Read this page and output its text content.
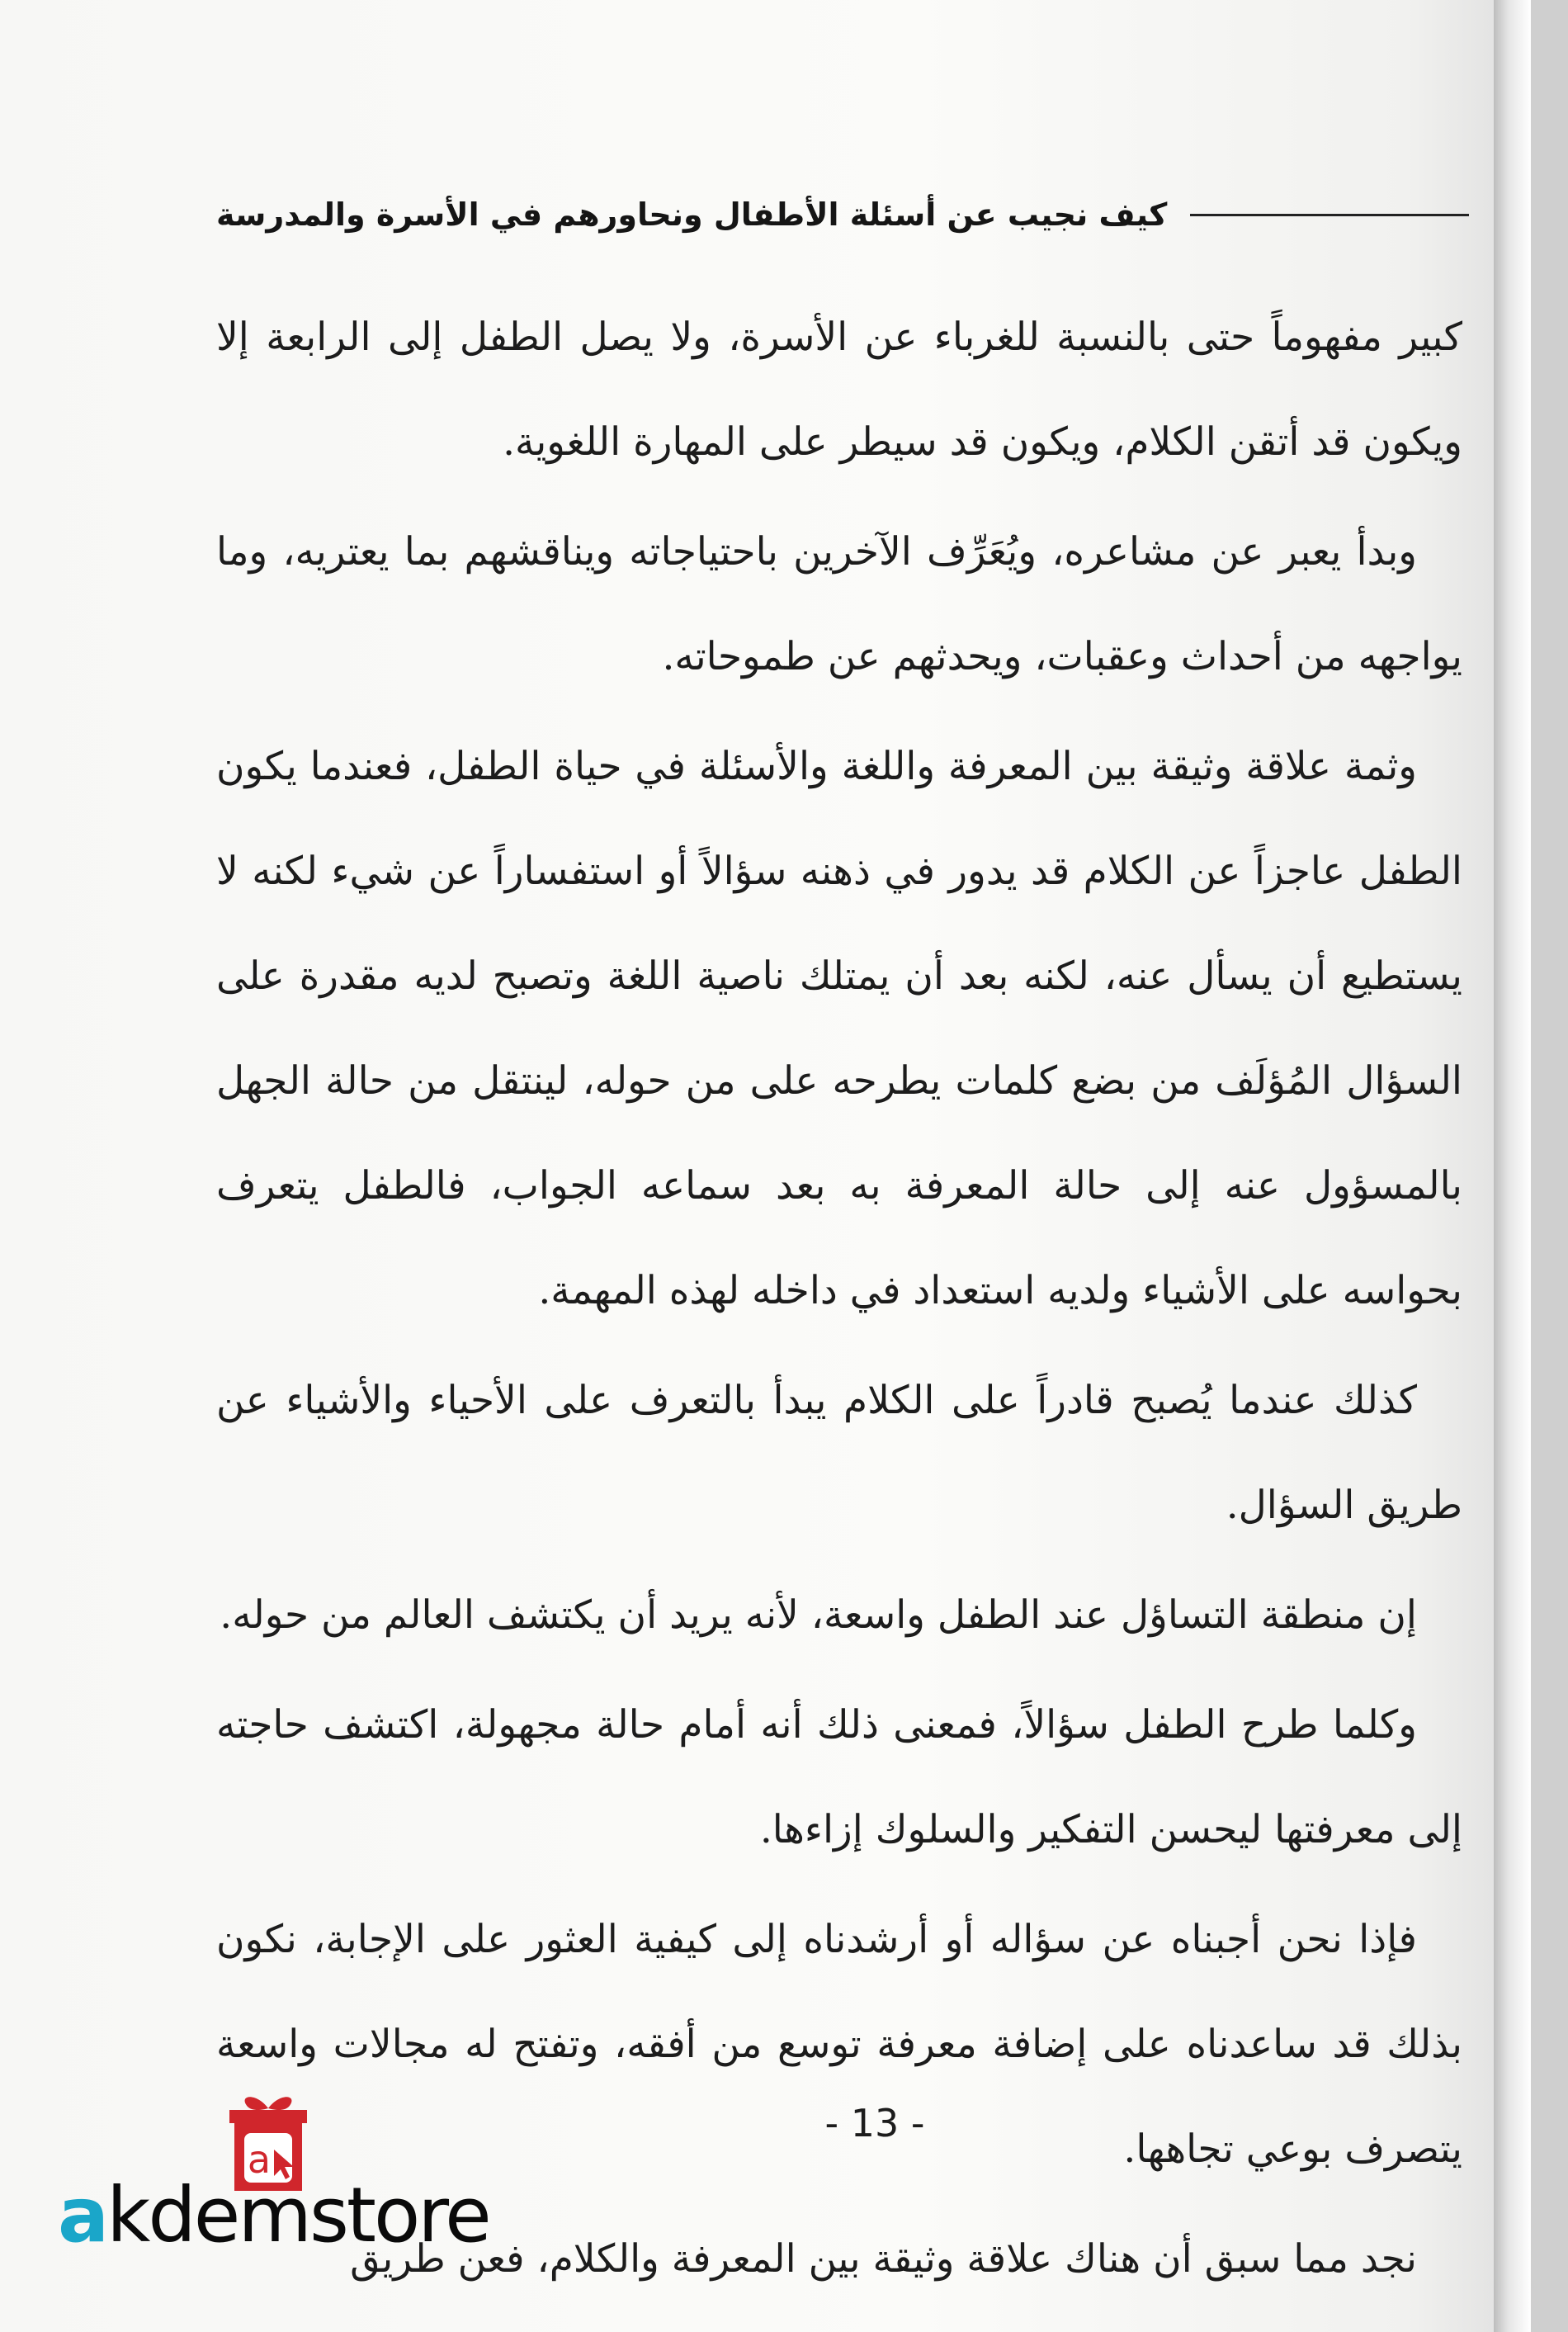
كيف نجيب عن أسئلة الأطفال ونحاورهم في الأسرة والمدرسة

كبير مفهوماً حتى بالنسبة للغرباء عن الأسرة، ولا يصل الطفل إلى الرابعة إلا ويكون قد أتقن الكلام، ويكون قد سيطر على المهارة اللغوية.

وبدأ يعبر عن مشاعره، ويُعَرِّف الآخرين باحتياجاته ويناقشهم بما يعتريه، وما يواجهه من أحداث وعقبات، ويحدثهم عن طموحاته.

وثمة علاقة وثيقة بين المعرفة واللغة والأسئلة في حياة الطفل، فعندما يكون الطفل عاجزاً عن الكلام قد يدور في ذهنه سؤالاً أو استفساراً عن شيء لكنه لا يستطيع أن يسأل عنه، لكنه بعد أن يمتلك ناصية اللغة وتصبح لديه مقدرة على السؤال المُؤلَف من بضع كلمات يطرحه على من حوله، لينتقل من حالة الجهل بالمسؤول عنه إلى حالة المعرفة به بعد سماعه الجواب، فالطفل يتعرف بحواسه على الأشياء ولديه استعداد في داخله لهذه المهمة.

كذلك عندما يُصبح قادراً على الكلام يبدأ بالتعرف على الأحياء والأشياء عن طريق السؤال.

إن منطقة التساؤل عند الطفل واسعة، لأنه يريد أن يكتشف العالم من حوله.

وكلما طرح الطفل سؤالاً، فمعنى ذلك أنه أمام حالة مجهولة، اكتشف حاجته إلى معرفتها ليحسن التفكير والسلوك إزاءها.

فإذا نحن أجبناه عن سؤاله أو أرشدناه إلى كيفية العثور على الإجابة، نكون بذلك قد ساعدناه على إضافة معرفة توسع من أفقه، وتفتح له مجالات واسعة يتصرف بوعي تجاهها.

نجد مما سبق أن هناك علاقة وثيقة بين المعرفة والكلام، فعن طريق

- 13 -
a
akdemstore
